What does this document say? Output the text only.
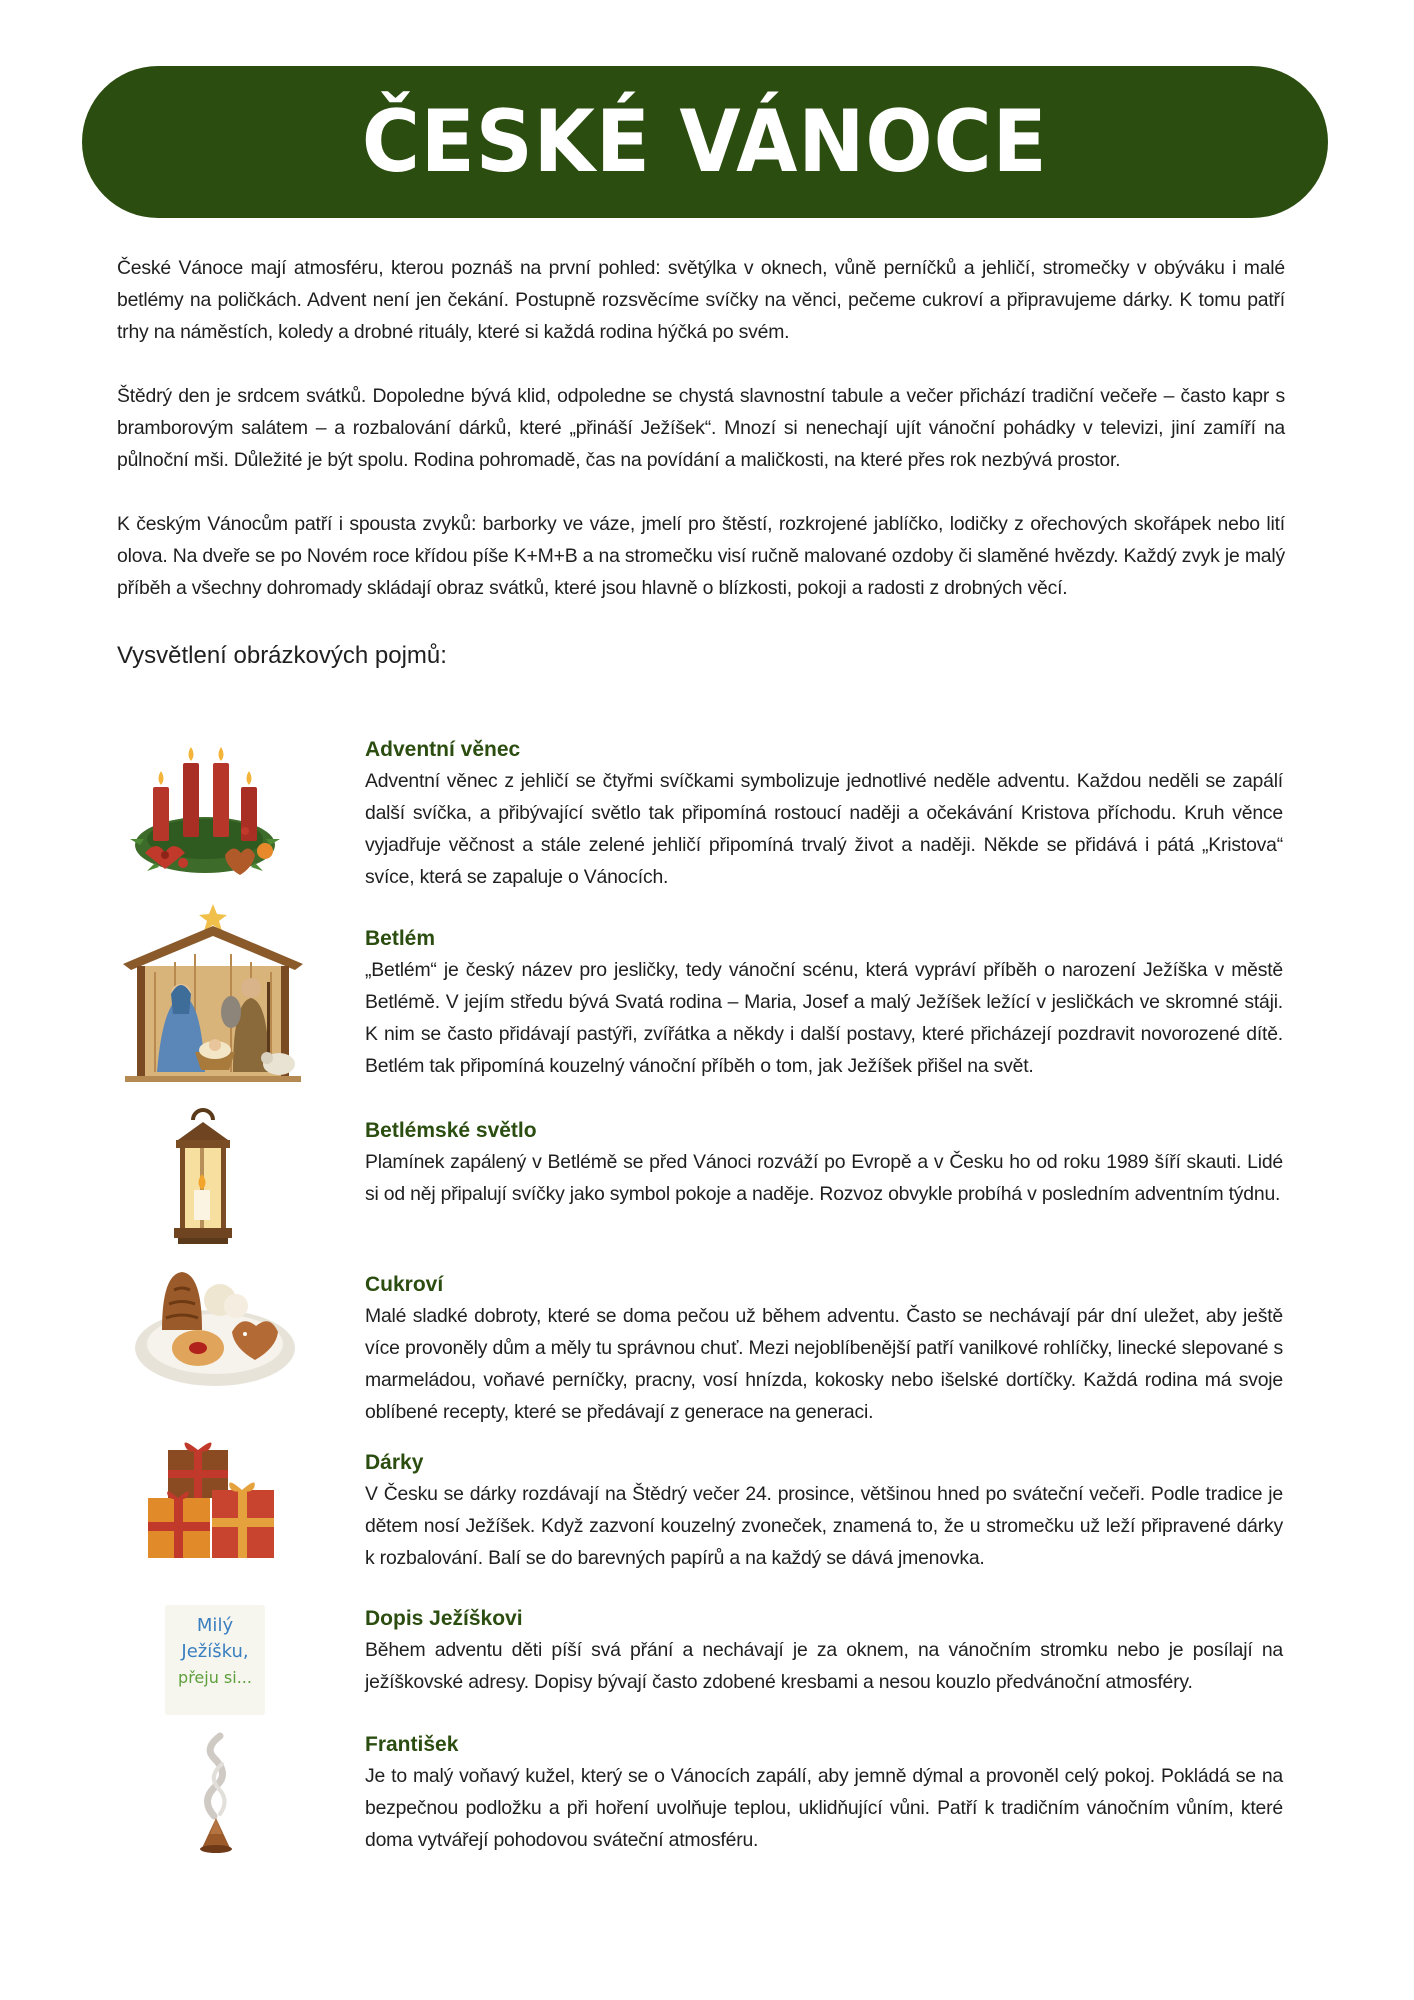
ČESKÉ VÁNOCE

České Vánoce mají atmosféru, kterou poznáš na první pohled: světýlka v oknech, vůně perníčků a jehličí, stromečky v obýváku i malé betlémy na poličkách. Advent není jen čekání. Postupně rozsvěcíme svíčky na věnci, pečeme cukroví a připravujeme dárky. K tomu patří trhy na náměstích, koledy a drobné rituály, které si každá rodina hýčká po svém.

Štědrý den je srdcem svátků. Dopoledne bývá klid, odpoledne se chystá slavnostní tabule a večer přichází tradiční večeře – často kapr s bramborovým salátem – a rozbalování dárků, které „přináší Ježíšek“. Mnozí si nenechají ujít vánoční pohádky v televizi, jiní zamíří na půlnoční mši. Důležité je být spolu. Rodina pohromadě, čas na povídání a maličkosti, na které přes rok nezbývá prostor.

K českým Vánocům patří i spousta zvyků: barborky ve váze, jmelí pro štěstí, rozkrojené jablíčko, lodičky z ořechových skořápek nebo lití olova. Na dveře se po Novém roce křídou píše K+M+B a na stromečku visí ručně malované ozdoby či slaměné hvězdy. Každý zvyk je malý příběh a všechny dohromady skládají obraz svátků, které jsou hlavně o blízkosti, pokoji a radosti z drobných věcí.

Vysvětlení obrázkových pojmů:
Adventní věnec

Adventní věnec z jehličí se čtyřmi svíčkami symbolizuje jednotlivé neděle adventu. Každou neděli se zapálí další svíčka, a přibývající světlo tak připomíná rostoucí naději a očekávání Kristova příchodu. Kruh věnce vyjadřuje věčnost a stále zelené jehličí připomíná trvalý život a naději. Někde se přidává i pátá „Kristova“ svíce, která se zapaluje o Vánocích.

Betlém

„Betlém“ je český název pro jesličky, tedy vánoční scénu, která vypráví příběh o narození Ježíška v městě Betlémě. V jejím středu bývá Svatá rodina – Maria, Josef a malý Ježíšek ležící v jesličkách ve skromné stáji. K nim se často přidávají pastýři, zvířátka a někdy i další postavy, které přicházejí pozdravit novorozené dítě. Betlém tak připomíná kouzelný vánoční příběh o tom, jak Ježíšek přišel na svět.

Betlémské světlo

Plamínek zapálený v Betlémě se před Vánoci rozváží po Evropě a v Česku ho od roku 1989 šíří skauti. Lidé si od něj připalují svíčky jako symbol pokoje a naděje. Rozvoz obvykle probíhá v posledním adventním týdnu.

Cukroví

Malé sladké dobroty, které se doma pečou už během adventu. Často se nechávají pár dní uležet, aby ještě více provoněly dům a měly tu správnou chuť. Mezi nejoblíbenější patří vanilkové rohlíčky, linecké slepované s marmeládou, voňavé perníčky, pracny, vosí hnízda, kokosky nebo išelské dortíčky. Každá rodina má svoje oblíbené recepty, které se předávají z generace na generaci.

Dárky

V Česku se dárky rozdávají na Štědrý večer 24. prosince, většinou hned po sváteční večeři. Podle tradice je dětem nosí Ježíšek. Když zazvoní kouzelný zvoneček, znamená to, že u stromečku už leží připravené dárky k rozbalování. Balí se do barevných papírů a na každý se dává jmenovka.

Milý
Ježíšku,
přeju si...
Dopis Ježíškovi

Během adventu děti píší svá přání a nechávají je za oknem, na vánočním stromku nebo je posílají na ježíškovské adresy. Dopisy bývají často zdobené kresbami a nesou kouzlo předvánoční atmosféry.

František

Je to malý voňavý kužel, který se o Vánocích zapálí, aby jemně dýmal a provoněl celý pokoj. Pokládá se na bezpečnou podložku a při hoření uvolňuje teplou, uklidňující vůni. Patří k tradičním vánočním vůním, které doma vytvářejí pohodovou sváteční atmosféru.
